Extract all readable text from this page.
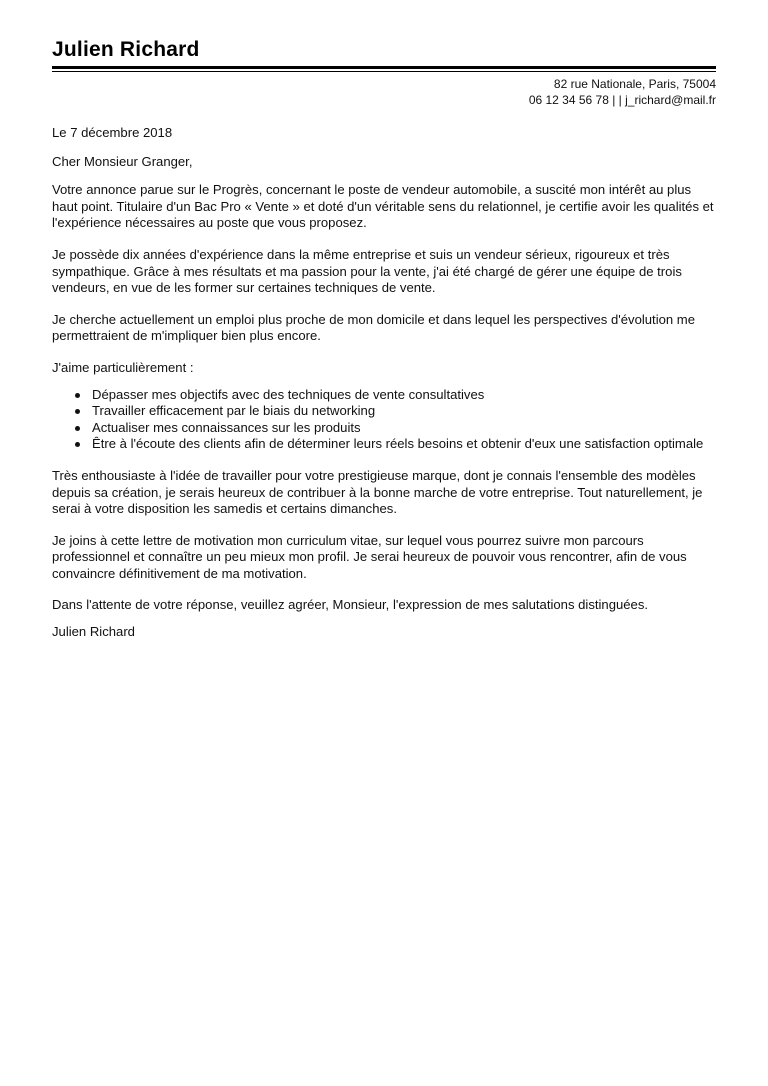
Julien Richard
82 rue Nationale, Paris, 75004
06 12 34 56 78 | | j_richard@mail.fr

Le 7 décembre 2018

Cher Monsieur Granger,

Votre annonce parue sur le Progrès, concernant le poste de vendeur automobile, a suscité mon intérêt au plus haut point. Titulaire d'un Bac Pro « Vente » et doté d'un véritable sens du relationnel, je certifie avoir les qualités et l'expérience nécessaires au poste que vous proposez.

Je possède dix années d'expérience dans la même entreprise et suis un vendeur sérieux, rigoureux et très sympathique. Grâce à mes résultats et ma passion pour la vente, j'ai été chargé de gérer une équipe de trois vendeurs, en vue de les former sur certaines techniques de vente.

Je cherche actuellement un emploi plus proche de mon domicile et dans lequel les perspectives d'évolution me permettraient de m'impliquer bien plus encore.

J'aime particulièrement :

Dépasser mes objectifs avec des techniques de vente consultatives
Travailler efficacement par le biais du networking
Actualiser mes connaissances sur les produits
Être à l'écoute des clients afin de déterminer leurs réels besoins et obtenir d'eux une satisfaction optimale

Très enthousiaste à l'idée de travailler pour votre prestigieuse marque, dont je connais l'ensemble des modèles depuis sa création, je serais heureux de contribuer à la bonne marche de votre entreprise. Tout naturellement, je serai à votre disposition les samedis et certains dimanches.

Je joins à cette lettre de motivation mon curriculum vitae, sur lequel vous pourrez suivre mon parcours professionnel et connaître un peu mieux mon profil. Je serai heureux de pouvoir vous rencontrer, afin de vous convaincre définitivement de ma motivation.

Dans l'attente de votre réponse, veuillez agréer, Monsieur, l'expression de mes salutations distinguées.

Julien Richard
